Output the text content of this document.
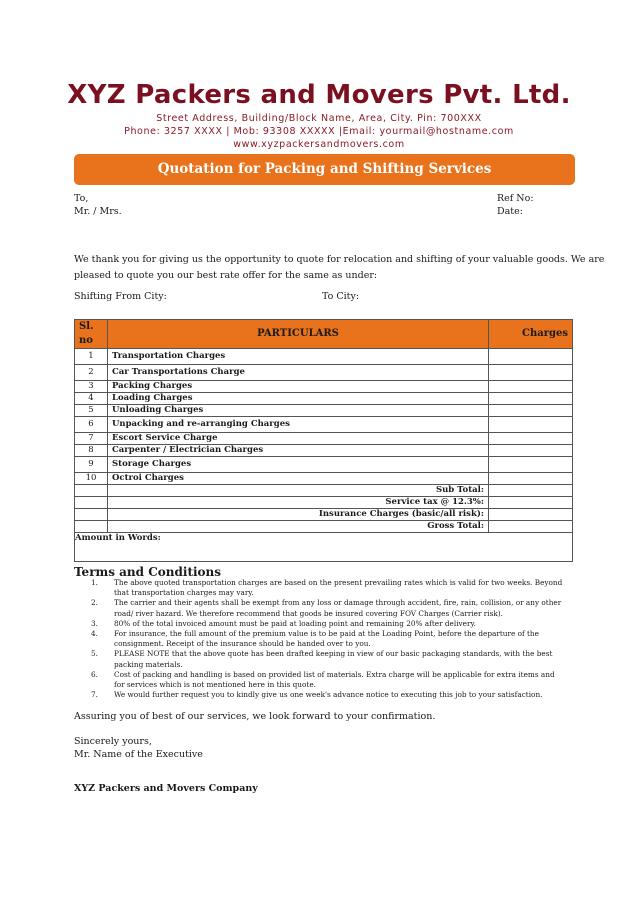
XYZ Packers and Movers Pvt. Ltd.
Street Address, Building/Block Name, Area, City. Pin: 700XXX
Phone: 3257 XXXX | Mob: 93308 XXXXX |Email: yourmail@hostname.com
www.xyzpackersandmovers.com
Quotation for Packing and Shifting Services
To,
Mr. / Mrs.
Ref No:
Date:
We thank you for giving us the opportunity to quote for relocation and shifting of your valuable goods. We are
pleased to quote you our best rate offer for the same as under:
Shifting From City:	To City:
Sl. no	PARTICULARS	Charges
1	Transportation Charges	
2	Car Transportations Charge	
3	Packing Charges	
4	Loading Charges	
5	Unloading Charges	
6	Unpacking and re-arranging Charges	
7	Escort Service Charge	
8	Carpenter / Electrician Charges	
9	Storage Charges	
10	Octroi Charges	
	Sub Total:	
	Service tax @ 12.3%:	
	Insurance Charges (basic/all risk):	
	Gross Total:	
Amount in Words:		
Terms and Conditions
1. The above quoted transportation charges are based on the present prevailing rates which is valid for two weeks. Beyond that transportation charges may vary.
2. The carrier and their agents shall be exempt from any loss or damage through accident, fire, rain, collision, or any other road/ river hazard. We therefore recommend that goods be insured covering FOV Charges (Carrier risk).
3. 80% of the total invoiced amount must be paid at loading point and remaining 20% after delivery.
4. For insurance, the full amount of the premium value is to be paid at the Loading Point, before the departure of the consignment. Receipt of the insurance should be handed over to you.
5. PLEASE NOTE that the above quote has been drafted keeping in view of our basic packaging standards, with the best packing materials.
6. Cost of packing and handling is based on provided list of materials. Extra charge will be applicable for extra items and for services which is not mentioned here in this quote.
7. We would further request you to kindly give us one week's advance notice to executing this job to your satisfaction.
Assuring you of best of our services, we look forward to your confirmation.
Sincerely yours,
Mr. Name of the Executive
XYZ Packers and Movers Company
